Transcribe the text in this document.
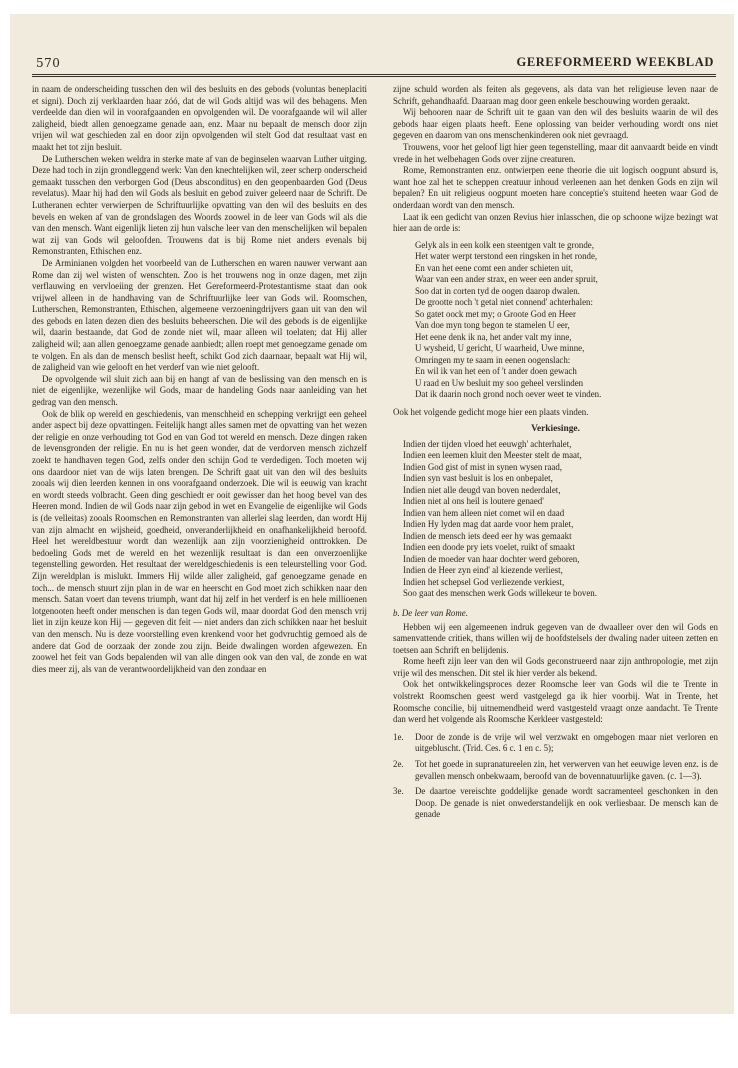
570	GEREFORMEERD WEEKBLAD

in naam de onderscheiding tusschen den wil des besluits en des gebods (voluntas beneplaciti et signi). Doch zij verklaarden haar zóó, dat de wil Gods altijd was wil des behagens. Men verdeelde dan dien wil in voorafgaanden en opvolgenden wil. De voorafgaande wil wil aller zaligheid, biedt allen genoegzame genade aan, enz. Maar nu bepaalt de mensch door zijn vrijen wil wat geschieden zal en door zijn opvolgenden wil stelt God dat resultaat vast en maakt het tot zijn besluit.

De Lutherschen weken weldra in sterke mate af van de beginselen waarvan Luther uitging. Deze had toch in zijn grondleggend werk: Van den knechtelijken wil, zeer scherp onderscheid gemaakt tusschen den verborgen God (Deus absconditus) en den geopenbaarden God (Deus revelatus). Maar hij had den wil Gods als besluit en gebod zuiver geleerd naar de Schrift. De Lutheranen echter verwierpen de Schriftuurlijke opvatting van den wil des besluits en des bevels en weken af van de grondslagen des Woords zoowel in de leer van Gods wil als die van den mensch. Want eigenlijk lieten zij hun valsche leer van den menschelijken wil bepalen wat zij van Gods wil geloofden. Trouwens dat is bij Rome niet anders evenals bij Remonstranten, Ethischen enz.

De Arminianen volgden het voorbeeld van de Lutherschen en waren nauwer verwant aan Rome dan zij wel wisten of wenschten. Zoo is het trouwens nog in onze dagen, met zijn verflauwing en vervloeiing der grenzen. Het Gereformeerd-Protestantisme staat dan ook vrijwel alleen in de handhaving van de Schriftuurlijke leer van Gods wil. Roomschen, Lutherschen, Remonstranten, Ethischen, algemeene verzoeningdrijvers gaan uit van den wil des gebods en laten dezen dien des besluits beheerschen. Die wil des gebods is de eigenlijke wil, daarin bestaande, dat God de zonde niet wil, maar alleen wil toelaten; dat Hij aller zaligheid wil; aan allen genoegzame genade aanbiedt; allen roept met genoegzame genade om te volgen. En als dan de mensch beslist heeft, schikt God zich daarnaar, bepaalt wat Hij wil, de zaligheid van wie gelooft en het verderf van wie niet gelooft.

De opvolgende wil sluit zich aan bij en hangt af van de beslissing van den mensch en is niet de eigenlijke, wezenlijke wil Gods, maar de handeling Gods naar aanleiding van het gedrag van den mensch.

Ook de blik op wereld en geschiedenis, van menschheid en schepping verkrijgt een geheel ander aspect bij deze opvattingen. Feitelijk hangt alles samen met de opvatting van het wezen der religie en onze verhouding tot God en van God tot wereld en mensch. Deze dingen raken de levensgronden der religie. En nu is het geen wonder, dat de verdorven mensch zichzelf zoekt te handhaven tegen God, zelfs onder den schijn God te verdedigen. Toch moeten wij ons daardoor niet van de wijs laten brengen. De Schrift gaat uit van den wil des besluits zooals wij dien leerden kennen in ons voorafgaand onderzoek. Die wil is eeuwig van kracht en wordt steeds volbracht. Geen ding geschiedt er ooit gewisser dan het hoog bevel van des Heeren mond. Indien de wil Gods naar zijn gebod in wet en Evangelie de eigenlijke wil Gods is (de velleitas) zooals Roomschen en Remonstranten van allerlei slag leerden, dan wordt Hij van zijn almacht en wijsheid, goedheid, onveranderlijkheid en onafhankelijkheid beroofd. Heel het wereldbestuur wordt dan wezenlijk aan zijn voorzienigheid onttrokken. De bedoeling Gods met de wereld en het wezenlijk resultaat is dan een onverzoenlijke tegenstelling geworden. Het resultaat der wereldgeschiedenis is een teleurstelling voor God. Zijn wereldplan is mislukt. Immers Hij wilde aller zaligheid, gaf genoegzame genade en toch... de mensch stuurt zijn plan in de war en heerscht en God moet zich schikken naar den mensch. Satan voert dan tevens triumph, want dat hij zelf in het verderf is en hele millioenen lotgenooten heeft onder menschen is dan tegen Gods wil, maar doordat God den mensch vrij liet in zijn keuze kon Hij — gegeven dit feit — niet anders dan zich schikken naar het besluit van den mensch. Nu is deze voorstelling even krenkend voor het godvruchtig gemoed als de andere dat God de oorzaak der zonde zou zijn. Beide dwalingen worden afgewezen. En zoowel het feit van Gods bepalenden wil van alle dingen ook van den val, de zonde en wat dies meer zij, als van de verantwoordelijkheid van den zondaar en

zijne schuld worden als feiten als gegevens, als data van het religieuse leven naar de Schrift, gehandhaafd. Daaraan mag door geen enkele beschouwing worden geraakt.

Wij behooren naar de Schrift uit te gaan van den wil des besluits waarin de wil des gebods haar eigen plaats heeft. Eene oplossing van beider verhouding wordt ons niet gegeven en daarom van ons menschenkinderen ook niet gevraagd.

Trouwens, voor het geloof ligt hier geen tegenstelling, maar dit aanvaardt beide en vindt vrede in het welbehagen Gods over zijne creaturen.

Rome, Remonstranten enz. ontwierpen eene theorie die uit logisch oogpunt absurd is, want hoe zal het te scheppen creatuur inhoud verleenen aan het denken Gods en zijn wil bepalen? En uit religieus oogpunt moeten hare conceptie's stuitend heeten waar God de onderdaan wordt van den mensch.

Laat ik een gedicht van onzen Revius hier inlasschen, die op schoone wijze bezingt wat hier aan de orde is:

Gelyk als in een kolk een steentgen valt te gronde,
Het water werpt terstond een ringsken in het ronde,
En van het eene comt een ander schieten uit,
Waar van een ander strax, en weer een ander spruit,
Soo dat in corten tyd de oogen daarop dwalen.
De grootte noch 't getal niet connend' achterhalen:
So gatet oock met my; o Groote God en Heer
Van doe myn tong begon te stamelen U eer,
Het eene denk ik na, het ander valt my inne,
U wysheid, U gericht, U waarheid, Uwe minne,
Omringen my te saam in eenen oogenslach:
En wil ik van het een of 't ander doen gewach
U raad en Uw besluit my soo geheel verslinden
Dat ik daarin noch grond noch oever weet te vinden.

Ook het volgende gedicht moge hier een plaats vinden.

Verkiesinge.
Indien der tijden vloed het eeuwgh' achterhalet,
Indien een leemen kluit den Meester stelt de maat,
Indien God gist of mist in synen wysen raad,
Indien syn vast besluit is los en onbepalet,
Indien niet alle deugd van boven nederdalet,
Indien niet al ons heil is loutere genaed'
Indien van hem alleen niet comet wil en daad
Indien Hy lyden mag dat aarde voor hem pralet,
Indien de mensch iets deed eer hy was gemaakt
Indien een doode pry iets voelet, ruikt of smaakt
Indien de moeder van haar dochter werd geboren,
Indien de Heer zyn eind' al kiezende verliest,
Indien het schepsel God verliezende verkiest,
Soo gaat des menschen werk Gods willekeur te boven.
b. De leer van Rome.

Hebben wij een algemeenen indruk gegeven van de dwaalleer over den wil Gods en samenvattende critiek, thans willen wij de hoofdstelsels der dwaling nader uiteen zetten en toetsen aan Schrift en belijdenis.

Rome heeft zijn leer van den wil Gods geconstrueerd naar zijn anthropologie, met zijn vrije wil des menschen. Dit stel ik hier verder als bekend.

Ook het ontwikkelingsproces dezer Roomsche leer van Gods wil die te Trente in volstrekt Roomschen geest werd vastgelegd ga ik hier voorbij. Wat in Trente, het Roomsche concilie, bij uitnemendheid werd vastgesteld vraagt onze aandacht. Te Trente dan werd het volgende als Roomsche Kerkleer vastgesteld:

1e. Door de zonde is de vrije wil wel verzwakt en omgebogen maar niet verloren en uitgebluscht. (Trid. Ces. 6 c. 1 en c. 5);
2e. Tot het goede in supranatureelen zin, het verwerven van het eeuwige leven enz. is de gevallen mensch onbekwaam, beroofd van de bovennatuurlijke gaven. (c. 1—3).
3e. De daartoe vereischte goddelijke genade wordt sacramenteel geschonken in den Doop. De genade is niet onwederstandelijk en ook verliesbaar. De mensch kan de genade
